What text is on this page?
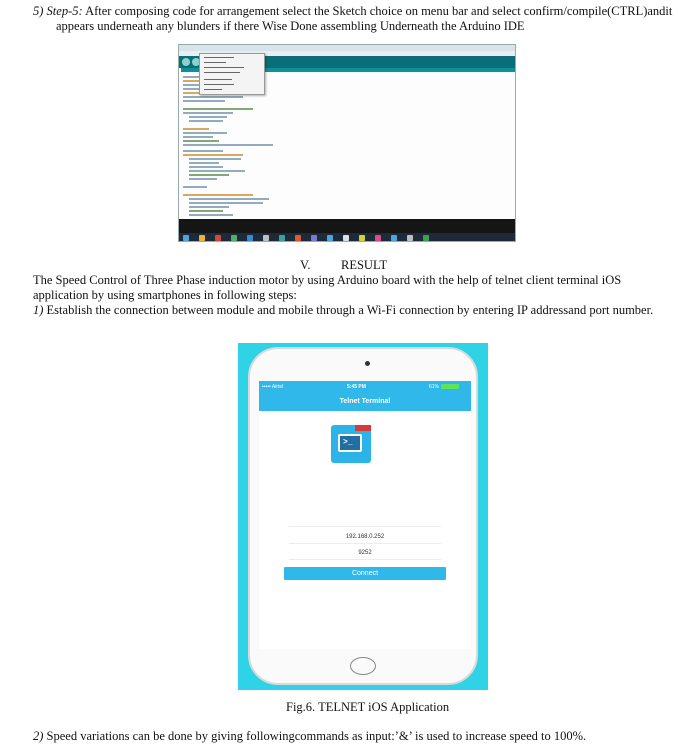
5) Step-5: After composing code for arrangement select the Sketch choice on menu bar and select confirm/compile(CTRL)andit
appears underneath any blunders if there Wise Done assembling Underneath the Arduino IDE
V. RESULT
The Speed Control of Three Phase induction motor by using Arduino board with the help of telnet client terminal iOS
application by using smartphones in following steps:
1) Establish the connection between module and mobile through a Wi-Fi connection by entering IP addressand port number.
••••• Airtel	5:45 PM	61%
Telnet Terminal
>_
192.168.0.252
9252
Connect
Fig.6. TELNET iOS Application
2) Speed variations can be done by giving followingcommands as input:’&’ is used to increase speed to 100%.
